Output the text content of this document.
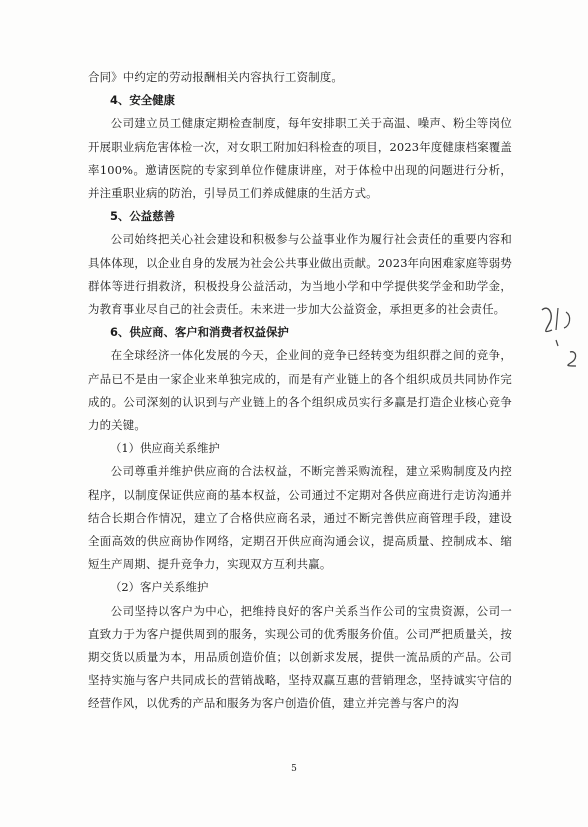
合同》中约定的劳动报酬相关内容执行工资制度。

4、安全健康

公司建立员工健康定期检查制度，每年安排职工关于高温、噪声、粉尘等岗位开展职业病危害体检一次，对女职工附加妇科检查的项目，2023年度健康档案覆盖率100%。邀请医院的专家到单位作健康讲座，对于体检中出现的问题进行分析，并注重职业病的防治，引导员工们养成健康的生活方式。

5、公益慈善

公司始终把关心社会建设和积极参与公益事业作为履行社会责任的重要内容和具体体现，以企业自身的发展为社会公共事业做出贡献。2023年向困难家庭等弱势群体等进行捐救济，积极投身公益活动，为当地小学和中学提供奖学金和助学金，为教育事业尽自己的社会责任。未来进一步加大公益资金，承担更多的社会责任。

6、供应商、客户和消费者权益保护

在全球经济一体化发展的今天，企业间的竞争已经转变为组织群之间的竞争，产品已不是由一家企业来单独完成的，而是有产业链上的各个组织成员共同协作完成的。公司深刻的认识到与产业链上的各个组织成员实行多赢是打造企业核心竞争力的关键。

（1）供应商关系维护

公司尊重并维护供应商的合法权益，不断完善采购流程，建立采购制度及内控程序，以制度保证供应商的基本权益，公司通过不定期对各供应商进行走访沟通并结合长期合作情况，建立了合格供应商名录，通过不断完善供应商管理手段，建设全面高效的供应商协作网络，定期召开供应商沟通会议，提高质量、控制成本、缩短生产周期、提升竞争力，实现双方互利共赢。

（2）客户关系维护

公司坚持以客户为中心，把维持良好的客户关系当作公司的宝贵资源，公司一直致力于为客户提供周到的服务，实现公司的优秀服务价值。公司严把质量关，按期交货以质量为本，用品质创造价值；以创新求发展，提供一流品质的产品。公司坚持实施与客户共同成长的营销战略，坚持双赢互惠的营销理念，坚持诚实守信的经营作风，以优秀的产品和服务为客户创造价值，建立并完善与客户的沟

5
